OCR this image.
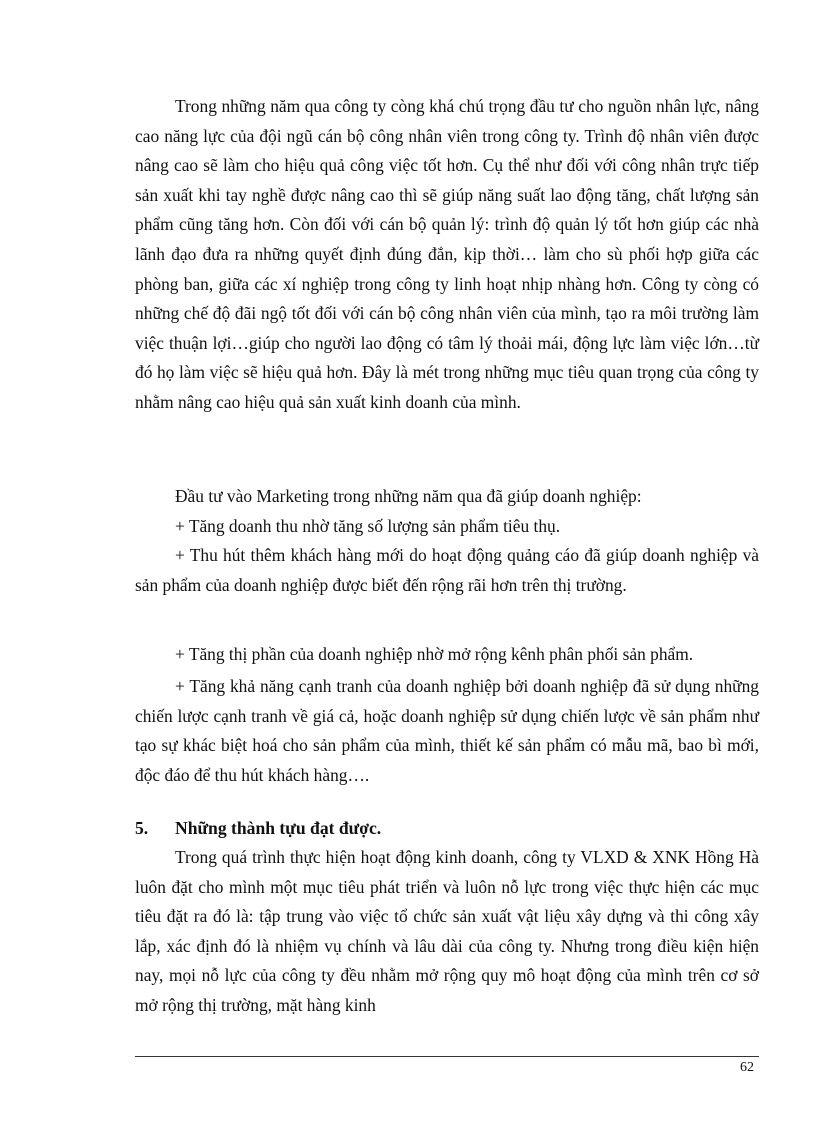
Trong những năm qua công ty còng khá chú trọng đầu tư cho nguồn nhân lực, nâng cao năng lực của đội ngũ cán bộ công nhân viên trong công ty. Trình độ nhân viên được nâng cao sẽ làm cho hiệu quả công việc tốt hơn. Cụ thể như đối với công nhân trực tiếp sản xuất khi tay nghề được nâng cao thì sẽ giúp năng suất lao động tăng, chất lượng sản phẩm cũng tăng hơn. Còn đối với cán bộ quản lý: trình độ quản lý tốt hơn giúp các nhà lãnh đạo đưa ra những quyết định đúng đắn, kịp thời… làm cho sù phối hợp giữa các phòng ban, giữa các xí nghiệp trong công ty linh hoạt nhịp nhàng hơn. Công ty còng có những chế độ đãi ngộ tốt đối với cán bộ công nhân viên của mình, tạo ra môi trường làm việc thuận lợi…giúp cho người lao động có tâm lý thoải mái, động lực làm việc lớn…từ đó họ làm việc sẽ hiệu quả hơn. Đây là mét trong những mục tiêu quan trọng của công ty nhằm nâng cao hiệu quả sản xuất kinh doanh của mình.

Đầu tư vào Marketing trong những năm qua đã giúp doanh nghiệp:

+ Tăng doanh thu nhờ tăng số lượng sản phẩm tiêu thụ.

+ Thu hút thêm khách hàng mới do hoạt động quảng cáo đã giúp doanh nghiệp và sản phẩm của doanh nghiệp được biết đến rộng rãi hơn trên thị trường.

+ Tăng thị phần của doanh nghiệp nhờ mở rộng kênh phân phối sản phẩm.

+ Tăng khả năng cạnh tranh của doanh nghiệp bởi doanh nghiệp đã sử dụng những chiến lược cạnh tranh về giá cả, hoặc doanh nghiệp sử dụng chiến lược về sản phẩm như tạo sự khác biệt hoá cho sản phẩm của mình, thiết kế sản phẩm có mẫu mã, bao bì mới, độc đáo để thu hút khách hàng….

5. Những thành tựu đạt được.

Trong quá trình thực hiện hoạt động kinh doanh, công ty VLXD & XNK Hồng Hà luôn đặt cho mình một mục tiêu phát triển và luôn nỗ lực trong việc thực hiện các mục tiêu đặt ra đó là: tập trung vào việc tổ chức sản xuất vật liệu xây dựng và thi công xây lắp, xác định đó là nhiệm vụ chính và lâu dài của công ty. Nhưng trong điều kiện hiện nay, mọi nỗ lực của công ty đều nhằm mở rộng quy mô hoạt động của mình trên cơ sở mở rộng thị trường, mặt hàng kinh

62
